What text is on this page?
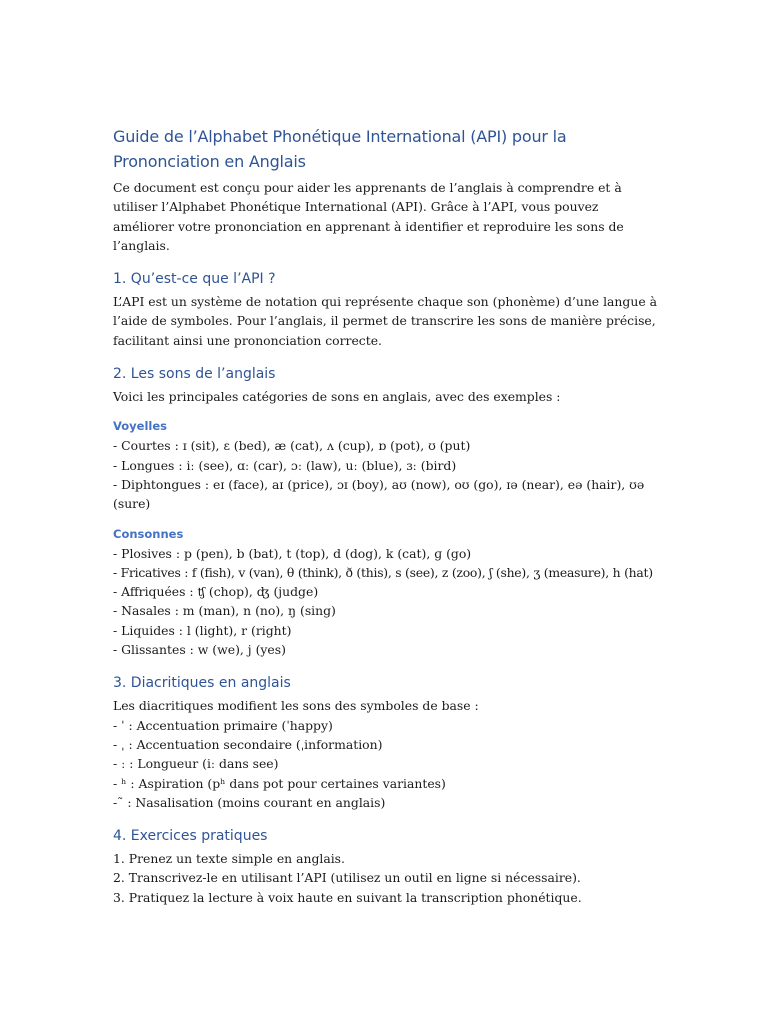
Guide de l’Alphabet Phonétique International (API) pour la Prononciation en Anglais

Ce document est conçu pour aider les apprenants de l’anglais à comprendre et à utiliser l’Alphabet Phonétique International (API). Grâce à l’API, vous pouvez améliorer votre prononciation en apprenant à identifier et reproduire les sons de l’anglais.

1. Qu’est-ce que l’API ?

L’API est un système de notation qui représente chaque son (phonème) d’une langue à l’aide de symboles. Pour l’anglais, il permet de transcrire les sons de manière précise, facilitant ainsi une prononciation correcte.

2. Les sons de l’anglais

Voici les principales catégories de sons en anglais, avec des exemples :

Voyelles
- Courtes : ɪ (sit), ɛ (bed), æ (cat), ʌ (cup), ɒ (pot), ʊ (put)
- Longues : iː (see), ɑː (car), ɔː (law), uː (blue), ɜː (bird)
- Diphtongues : eɪ (face), aɪ (price), ɔɪ (boy), aʊ (now), oʊ (go), ɪə (near), eə (hair), ʊə (sure)
Consonnes
- Plosives : p (pen), b (bat), t (top), d (dog), k (cat), ɡ (go)
- Fricatives : f (fish), v (van), θ (think), ð (this), s (see), z (zoo), ʃ (she), ʒ (measure), h (hat)
- Affriquées : ʧ (chop), ʤ (judge)
- Nasales : m (man), n (no), ŋ (sing)
- Liquides : l (light), r (right)
- Glissantes : w (we), j (yes)
3. Diacritiques en anglais

Les diacritiques modifient les sons des symboles de base :

- ˈ : Accentuation primaire (ˈhappy)
- ˌ : Accentuation secondaire (ˌinformation)
- ː : Longueur (iː dans see)
- ʰ : Aspiration (pʰ dans pot pour certaines variantes)
-˜ : Nasalisation (moins courant en anglais)
4. Exercices pratiques
1. Prenez un texte simple en anglais.
2. Transcrivez-le en utilisant l’API (utilisez un outil en ligne si nécessaire).
3. Pratiquez la lecture à voix haute en suivant la transcription phonétique.
